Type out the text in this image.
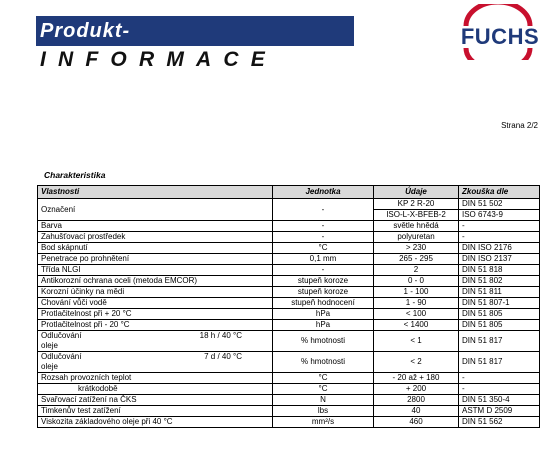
Produkt-
INFORMACE
FUCHS
Strana 2/2
Charakteristika
Vlastnosti	Jednotka	Údaje	Zkouška dle
Označení	-	KP 2 R-20	DIN 51 502
		ISO-L-X-BFEB-2	ISO 6743-9
Barva	-	světle hnědá	-
Zahušťovací prostředek	-	polyuretan	-
Bod skápnutí	°C	> 230	DIN ISO 2176
Penetrace po prohnětení	0,1 mm	265 - 295	DIN ISO 2137
Třída NLGI	-	2	DIN 51 818
Antikorozní ochrana oceli (metoda EMCOR)	stupeň koroze	0 - 0	DIN 51 802
Korozní účinky na mědi	stupeň koroze	1 - 100	DIN 51 811
Chování vůči vodě	stupeň hodnocení	1 - 90	DIN 51 807-1
Protlačitelnost při + 20 °C	hPa	< 100	DIN 51 805
Protlačitelnost při - 20 °C	hPa	< 1400	DIN 51 805

Odlučování 18 h / 40 °C
oleje	% hmotnosti	< 1	DIN 51 817

Odlučování 7 d / 40 °C
oleje	% hmotnosti	< 2	DIN 51 817
Rozsah provozních teplot	°C	- 20 až + 180	-
krátkodobě	°C	+ 200	-
Svařovací zatížení na ČKS	N	2800	DIN 51 350-4
Timkenův test zatížení	lbs	40	ASTM D 2509
Viskozita základového oleje při 40 °C	mm²/s	460	DIN 51 562
